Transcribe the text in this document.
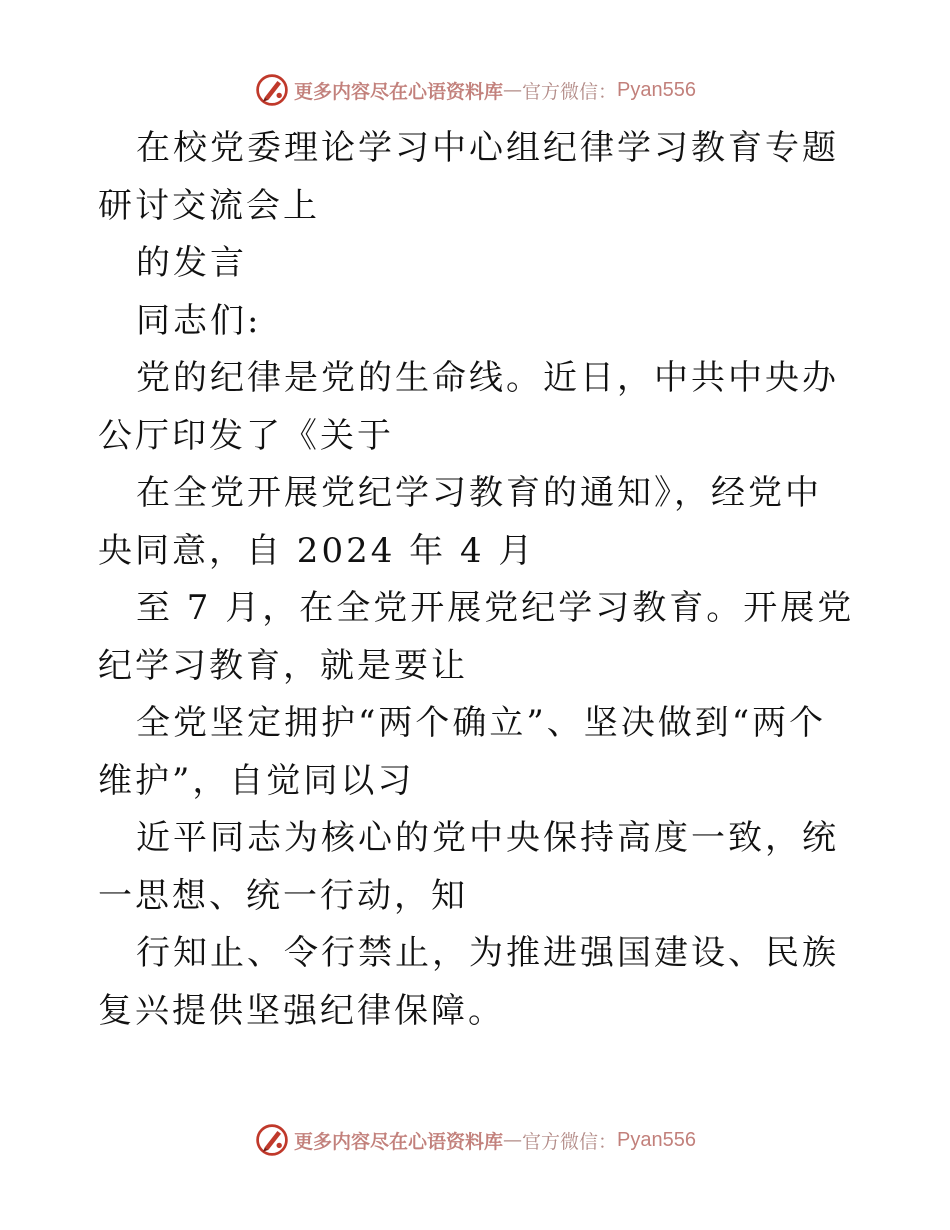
更多内容尽在心语资料库 — 官方微信： Pyan556

在校党委理论学习中心组纪律学习教育专题研讨交流会上

的发言

同志们:

党的纪律是党的生命线。近日，中共中央办公厅印发了《关于

在全党开展党纪学习教育的通知》，经党中央同意，自 2024 年 4 月

至 7 月，在全党开展党纪学习教育。开展党纪学习教育，就是要让

全党坚定拥护“两个确立”、坚决做到“两个维护”，自觉同以习

近平同志为核心的党中央保持高度一致，统一思想、统一行动，知

行知止、令行禁止，为推进强国建设、民族复兴提供坚强纪律保障。

更多内容尽在心语资料库 — 官方微信： Pyan556
